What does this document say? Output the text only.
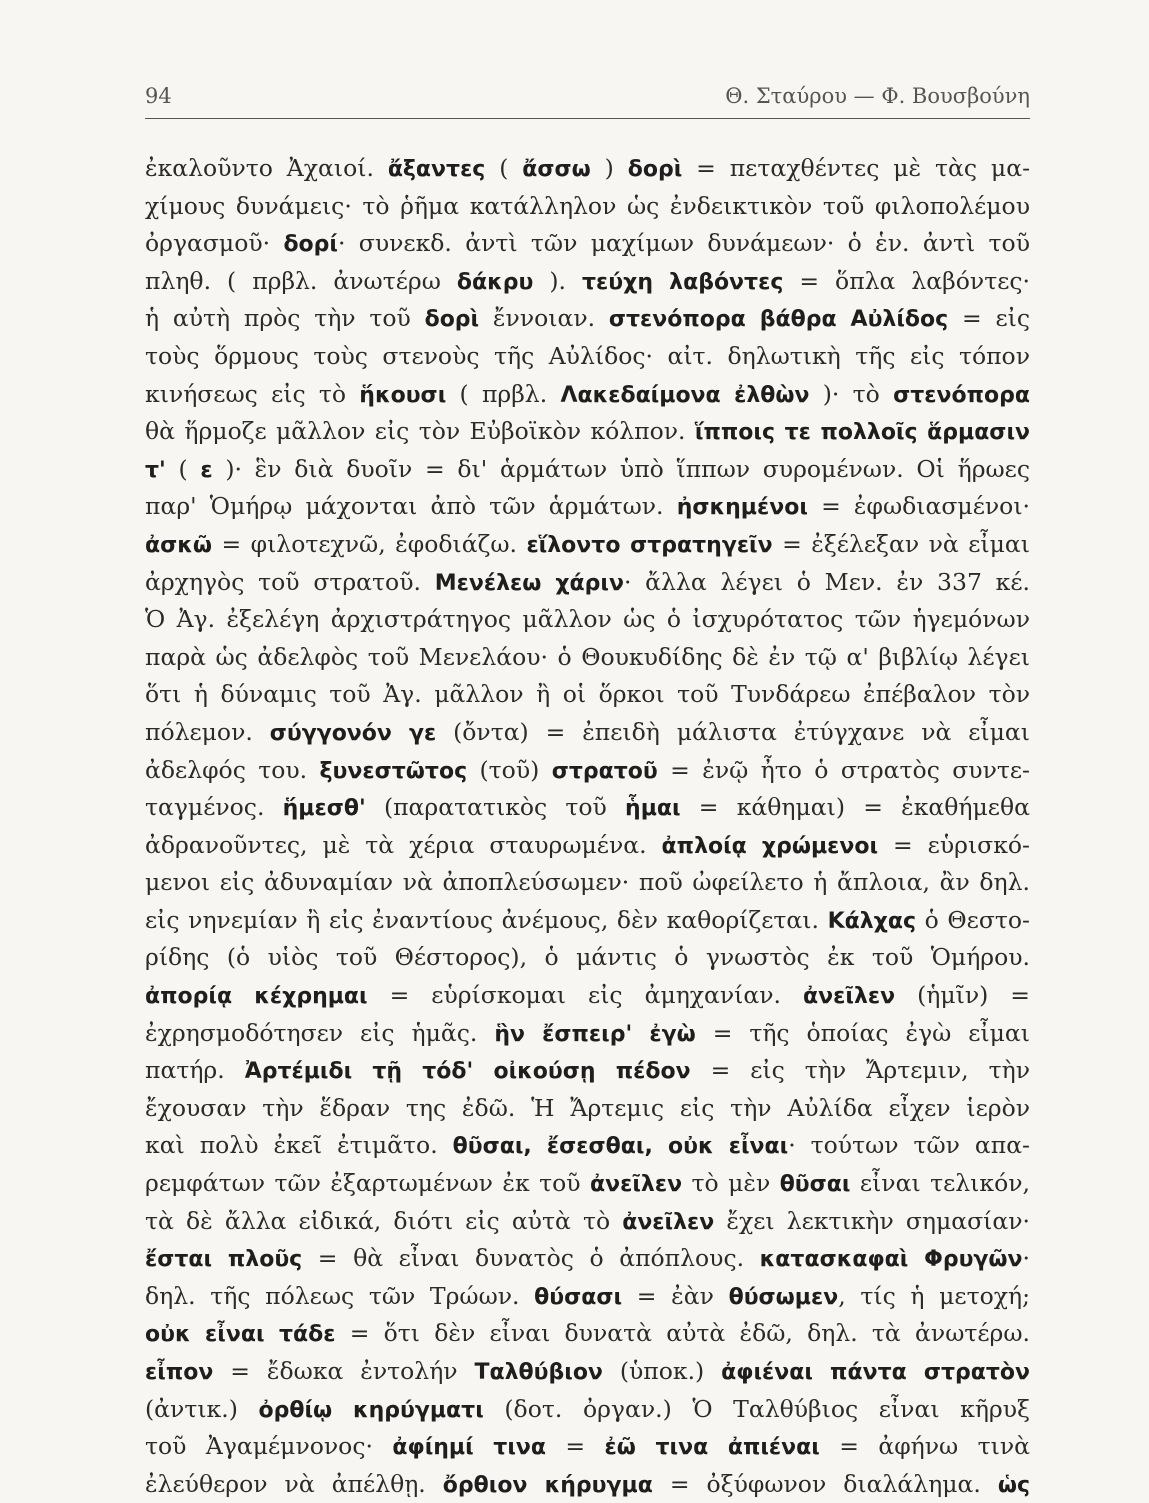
94	Θ. Σταύρου — Φ. Βουσβούνη
ἐκαλοῦντο Ἀχαιοί. ἄξαντες ( ἄσσω ) δορὶ = πεταχθέντες μὲ τὰς μα-
χίμους δυνάμεις· τὸ ῥῆμα κατάλληλον ὡς ἐνδεικτικὸν τοῦ φιλοπολέμου
ὀργασμοῦ· δορί· συνεκδ. ἀντὶ τῶν μαχίμων δυνάμεων· ὁ ἑν. ἀντὶ τοῦ
πληθ. ( πρβλ. ἀνωτέρω δάκρυ ). τεύχη λαβόντες = ὅπλα λαβόντες·
ἡ αὐτὴ πρὸς τὴν τοῦ δορὶ ἔννοιαν. στενόπορα βάθρα Αὐλίδος = εἰς
τοὺς ὅρμους τοὺς στενοὺς τῆς Αὐλίδος· αἰτ. δηλωτικὴ τῆς εἰς τόπον
κινήσεως εἰς τὸ ἥκουσι ( πρβλ. Λακεδαίμονα ἐλθὼν )· τὸ στενόπορα
θὰ ἥρμοζε μᾶλλον εἰς τὸν Εὐβοϊκὸν κόλπον. ἵπποις τε πολλοῖς ἅρμασιν
τ' ( ε )· ἓν διὰ δυοῖν = δι' ἁρμάτων ὑπὸ ἵππων συρομένων. Οἱ ἥρωες
παρ' Ὁμήρῳ μάχονται ἀπὸ τῶν ἁρμάτων. ἠσκημένοι = ἐφωδιασμένοι·
ἀσκῶ = φιλοτεχνῶ, ἐφοδιάζω. εἵλοντο στρατηγεῖν = ἐξέλεξαν νὰ εἶμαι
ἀρχηγὸς τοῦ στρατοῦ. Μενέλεω χάριν· ἄλλα λέγει ὁ Μεν. ἐν 337 κέ.
Ὁ Ἀγ. ἐξελέγη ἀρχιστράτηγος μᾶλλον ὡς ὁ ἰσχυρότατος τῶν ἡγεμόνων
παρὰ ὡς ἀδελφὸς τοῦ Μενελάου· ὁ Θουκυδίδης δὲ ἐν τῷ α' βιβλίῳ λέγει
ὅτι ἡ δύναμις τοῦ Ἀγ. μᾶλλον ἢ οἱ ὅρκοι τοῦ Τυνδάρεω ἐπέβαλον τὸν
πόλεμον. σύγγονόν γε (ὄντα) = ἐπειδὴ μάλιστα ἐτύγχανε νὰ εἶμαι
ἀδελφός του. ξυνεστῶτος (τοῦ) στρατοῦ = ἐνῷ ἦτο ὁ στρατὸς συντε-
ταγμένος. ἥμεσθ' (παρατατικὸς τοῦ ἧμαι = κάθημαι) = ἐκαθήμεθα
ἀδρανοῦντες, μὲ τὰ χέρια σταυρωμένα. ἀπλοίᾳ χρώμενοι = εὑρισκό-
μενοι εἰς ἀδυναμίαν νὰ ἀποπλεύσωμεν· ποῦ ὠφείλετο ἡ ἄπλοια, ἂν δηλ.
εἰς νηνεμίαν ἢ εἰς ἐναντίους ἀνέμους, δὲν καθορίζεται. Κάλχας ὁ Θεστο-
ρίδης (ὁ υἱὸς τοῦ Θέστορος), ὁ μάντις ὁ γνωστὸς ἐκ τοῦ Ὁμήρου.
ἀπορίᾳ κέχρημαι = εὑρίσκομαι εἰς ἀμηχανίαν. ἀνεῖλεν (ἡμῖν) =
ἐχρησμοδότησεν εἰς ἡμᾶς. ἣν ἔσπειρ' ἐγὼ = τῆς ὁποίας ἐγὼ εἶμαι
πατήρ. Ἀρτέμιδι τῇ τόδ' οἰκούσῃ πέδον = εἰς τὴν Ἄρτεμιν, τὴν
ἔχουσαν τὴν ἕδραν της ἐδῶ. Ἡ Ἄρτεμις εἰς τὴν Αὐλίδα εἶχεν ἱερὸν
καὶ πολὺ ἐκεῖ ἐτιμᾶτο. θῦσαι, ἔσεσθαι, οὐκ εἶναι· τούτων τῶν απα-
ρεμφάτων τῶν ἐξαρτωμένων ἐκ τοῦ ἀνεῖλεν τὸ μὲν θῦσαι εἶναι τελικόν,
τὰ δὲ ἄλλα εἰδικά, διότι εἰς αὐτὰ τὸ ἀνεῖλεν ἔχει λεκτικὴν σημασίαν·
ἔσται πλοῦς = θὰ εἶναι δυνατὸς ὁ ἀπόπλους. κατασκαφαὶ Φρυγῶν·
δηλ. τῆς πόλεως τῶν Τρώων. θύσασι = ἐὰν θύσωμεν, τίς ἡ μετοχή;
οὐκ εἶναι τάδε = ὅτι δὲν εἶναι δυνατὰ αὐτὰ ἐδῶ, δηλ. τὰ ἀνωτέρω.
εἶπον = ἔδωκα ἐντολήν Ταλθύβιον (ὑποκ.) ἀφιέναι πάντα στρατὸν
(ἀντικ.) ὀρθίῳ κηρύγματι (δοτ. ὀργαν.) Ὁ Ταλθύβιος εἶναι κῆρυξ
τοῦ Ἀγαμέμνονος· ἀφίημί τινα = ἐῶ τινα ἀπιέναι = ἀφήνω τινὰ
ἐλεύθερον νὰ ἀπέλθῃ. ὄρθιον κήρυγμα = ὀξύφωνον διαλάλημα. ὡς
